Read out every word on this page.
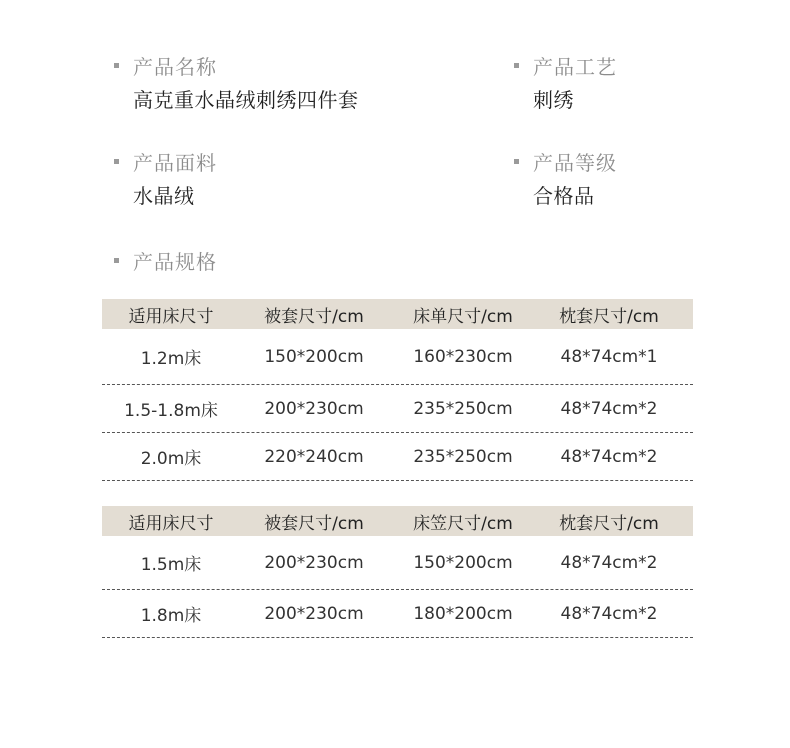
产品名称
高克重水晶绒刺绣四件套
产品工艺
刺绣
产品面料
水晶绒
产品等级
合格品
产品规格
适用床尺寸	被套尺寸/cm	床单尺寸/cm	枕套尺寸/cm
1.2m床	150*200cm	160*230cm	48*74cm*1
1.5-1.8m床	200*230cm	235*250cm	48*74cm*2
2.0m床	220*240cm	235*250cm	48*74cm*2
适用床尺寸	被套尺寸/cm	床笠尺寸/cm	枕套尺寸/cm
1.5m床	200*230cm	150*200cm	48*74cm*2
1.8m床	200*230cm	180*200cm	48*74cm*2
